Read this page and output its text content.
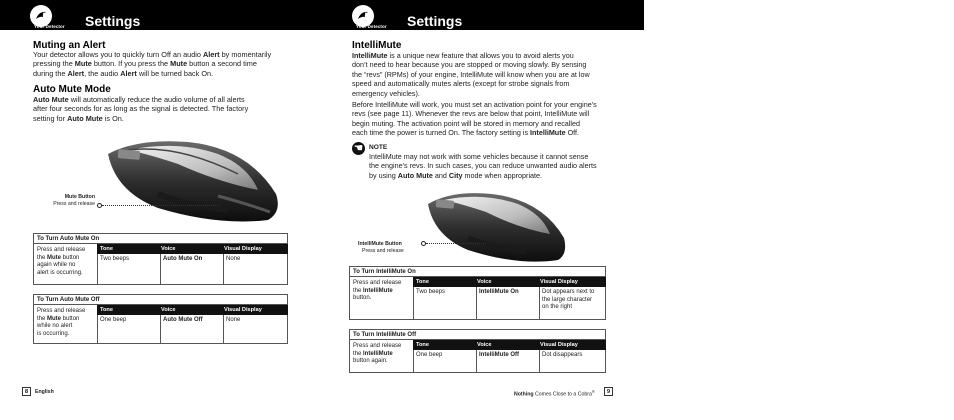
Your Detector Settings
Muting an Alert
Your detector allows you to quickly turn Off an audio Alert by momentarily
pressing the Mute button. If you press the Mute button a second time
during the Alert, the audio Alert will be turned back On.
Auto Mute Mode
Auto Mute will automatically reduce the audio volume of all alerts
after four seconds for as long as the signal is detected. The factory
setting for Auto Mute is On.
Mute Button
Press and release
To Turn Auto Mute On
Press and release
the Mute button
again while no
alert is occurring.
Tone	Voice	Visual Display
Two beeps	Auto Mute On	None
To Turn Auto Mute Off
Press and release
the Mute button
while no alert
is occurring.
Tone	Voice	Visual Display
One beep	Auto Mute Off	None
8	English
Your Detector Settings
IntelliMute
IntelliMute is a unique new feature that allows you to avoid alerts you
don’t need to hear because you are stopped or moving slowly. By sensing
the “revs” (RPMs) of your engine, IntelliMute will know when you are at low
speed and automatically mutes alerts (except for strobe signals from
emergency vehicles).
Before IntelliMute will work, you must set an activation point for your engine’s
revs (see page 11). Whenever the revs are below that point, IntelliMute will
begin muting. The activation point will be stored in memory and recalled
each time the power is turned On. The factory setting is IntelliMute Off.
☚ NOTE
IntelliMute may not work with some vehicles because it cannot sense
the engine’s revs. In such cases, you can reduce unwanted audio alerts
by using Auto Mute and City mode when appropriate.
IntelliMute Button
Press and release
To Turn IntelliMute On
Press and release
the IntelliMute
button.
Tone	Voice	Visual Display
Two beeps	IntelliMute On	Dot appears next to
the large character
on the right
To Turn IntelliMute Off
Press and release
the IntelliMute
button again.
Tone	Voice	Visual Display
One beep	IntelliMute Off	Dot disappears
Nothing Comes Close to a Cobra®	9
